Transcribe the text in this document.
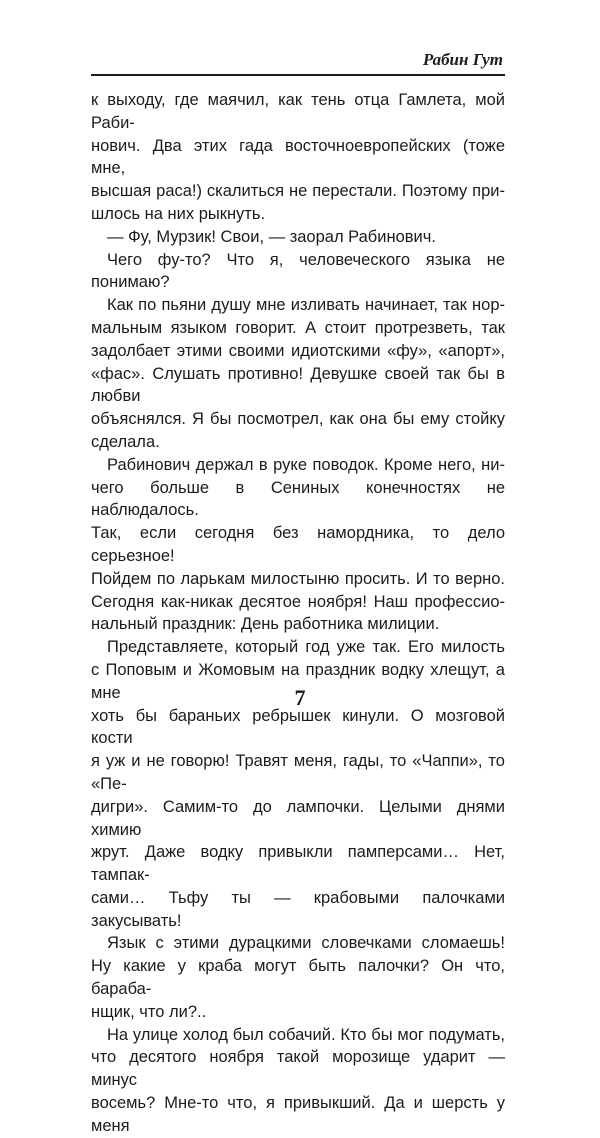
Рабин Гут
к выходу, где маячил, как тень отца Гамлета, мой Раби-
нович. Два этих гада восточноевропейских (тоже мне,
высшая раса!) скалиться не перестали. Поэтому при-
шлось на них рыкнуть.
— Фу, Мурзик! Свои, — заорал Рабинович.
Чего фу-то? Что я, человеческого языка не понимаю?
Как по пьяни душу мне изливать начинает, так нор-
мальным языком говорит. А стоит протрезветь, так
задолбает этими своими идиотскими «фу», «апорт»,
«фас». Слушать противно! Девушке своей так бы в любви
объяснялся. Я бы посмотрел, как она бы ему стойку
сделала.
Рабинович держал в руке поводок. Кроме него, ни-
чего больше в Сениных конечностях не наблюдалось.
Так, если сегодня без намордника, то дело серьезное!
Пойдем по ларькам милостыню просить. И то верно.
Сегодня как-никак десятое ноября! Наш профессио-
нальный праздник: День работника милиции.
Представляете, который год уже так. Его милость
с Поповым и Жомовым на праздник водку хлещут, а мне
хоть бы бараньих ребрышек кинули. О мозговой кости
я уж и не говорю! Травят меня, гады, то «Чаппи», то «Пе-
дигри». Самим-то до лампочки. Целыми днями химию
жрут. Даже водку привыкли памперсами… Нет, тампак-
сами… Тьфу ты — крабовыми палочками закусывать!
Язык с этими дурацкими словечками сломаешь!
Ну какие у краба могут быть палочки? Он что, бараба-
нщик, что ли?..
На улице холод был собачий. Кто бы мог подумать,
что десятого ноября такой морозище ударит — минус
восемь? Мне-то что, я привыкший. Да и шерсть у меня
7
